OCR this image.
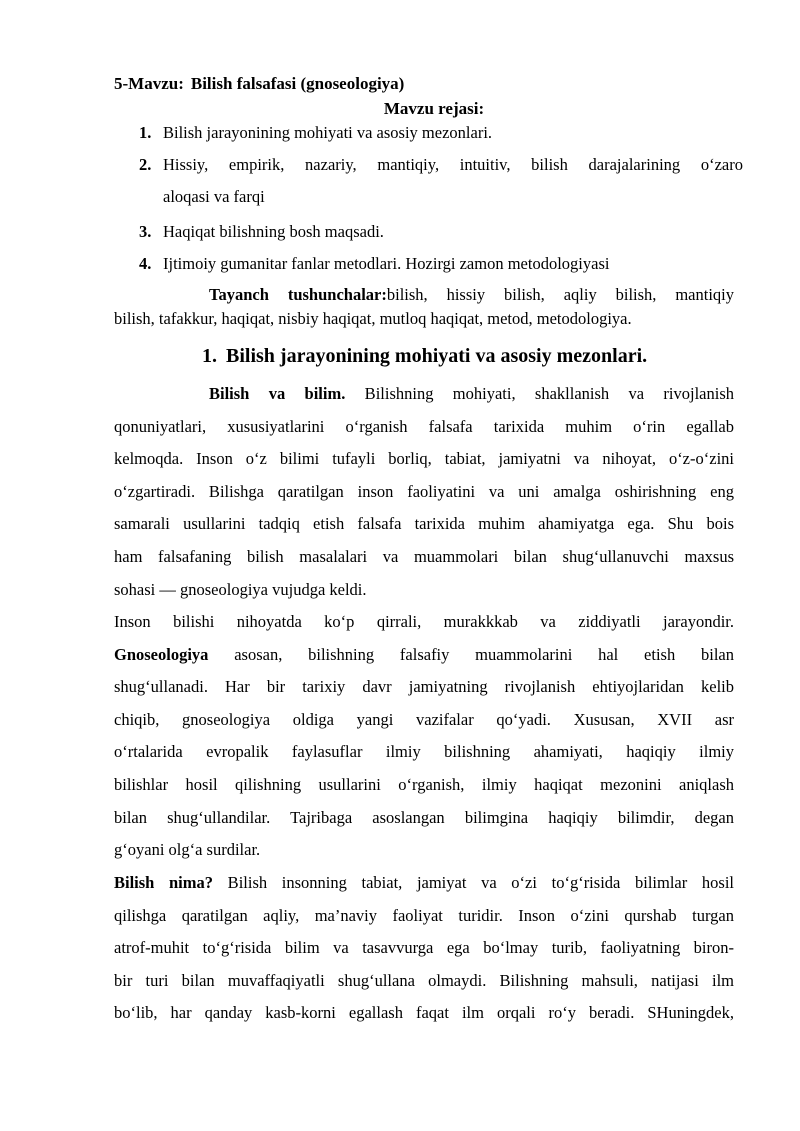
5-Mavzu: Bilish falsafasi (gnoseologiya)
Mavzu rejasi:
1. Bilish jarayonining mohiyati va asosiy mezonlari.
2. Hissiy, empirik, nazariy, mantiqiy, intuitiv, bilish darajalarining o‘zaro
aloqasi va farqi
3. Haqiqat bilishning bosh maqsadi.
4. Ijtimoiy gumanitar fanlar metodlari. Hozirgi zamon metodologiyasi
Tayanch tushunchalar:bilish, hissiy bilish, aqliy bilish, mantiqiy
bilish, tafakkur, haqiqat, nisbiy haqiqat, mutloq haqiqat, metod, metodologiya.
1. Bilish jarayonining mohiyati va asosiy mezonlari.
Bilish va bilim. Bilishning mohiyati, shakllanish va rivojlanish
qonuniyatlari, xususiyatlarini o‘rganish falsafa tarixida muhim o‘rin egallab
kelmoqda. Inson o‘z bilimi tufayli borliq, tabiat, jamiyatni va nihoyat, o‘z-o‘zini
o‘zgartiradi. Bilishga qaratilgan inson faoliyatini va uni amalga oshirishning eng
samarali usullarini tadqiq etish falsafa tarixida muhim ahamiyatga ega. Shu bois
ham falsafaning bilish masalalari va muammolari bilan shug‘ullanuvchi maxsus
sohasi — gnoseologiya vujudga keldi.
Inson bilishi nihoyatda ko‘p qirrali, murakkkab va ziddiyatli jarayondir.
Gnoseologiya asosan, bilishning falsafiy muammolarini hal etish bilan
shug‘ullanadi. Har bir tarixiy davr jamiyatning rivojlanish ehtiyojlaridan kelib
chiqib, gnoseologiya oldiga yangi vazifalar qo‘yadi. Xususan, XVII asr
o‘rtalarida evropalik faylasuflar ilmiy bilishning ahamiyati, haqiqiy ilmiy
bilishlar hosil qilishning usullarini o‘rganish, ilmiy haqiqat mezonini aniqlash
bilan shug‘ullandilar. Tajribaga asoslangan bilimgina haqiqiy bilimdir, degan
g‘oyani olg‘a surdilar.
Bilish nima? Bilish insonning tabiat, jamiyat va o‘zi to‘g‘risida bilimlar hosil
qilishga qaratilgan aqliy, ma’naviy faoliyat turidir. Inson o‘zini qurshab turgan
atrof-muhit to‘g‘risida bilim va tasavvurga ega bo‘lmay turib, faoliyatning biron-
bir turi bilan muvaffaqiyatli shug‘ullana olmaydi. Bilishning mahsuli, natijasi ilm
bo‘lib, har qanday kasb-korni egallash faqat ilm orqali ro‘y beradi. SHuningdek,
